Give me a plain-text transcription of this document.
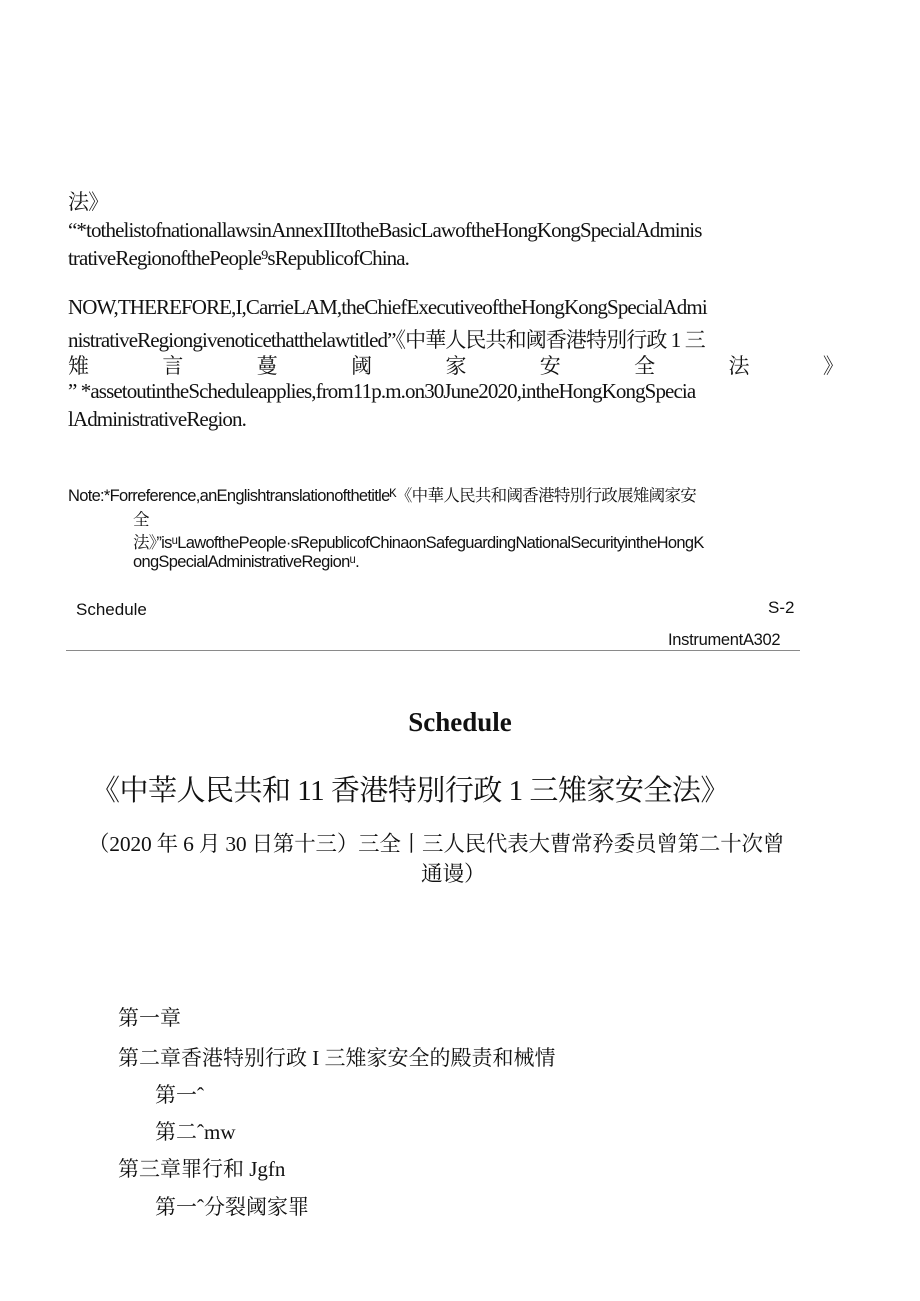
法》
“*tothelistofnationallawsinAnnexIIItotheBasicLawoftheHongKongSpecialAdminis
trativeRegionofthePeople⁹sRepublicofChina.
NOW,THEREFORE,I,CarrieLAM,theChiefExecutiveoftheHongKongSpecialAdmi
nistrativeRegiongivenoticethatthelawtitled”《中華人民共和阈香港特別行政 1 三
雉	言	蔓	阈	家	安	全	法	》
” *assetoutintheScheduleapplies,from11p.m.on30June2020,intheHongKongSpecia
lAdministrativeRegion.
Note:*Forreference,anEnglishtranslationofthetitleᴷ《中華人民共和阈香港特別行政展雉阈家安
全
法》”isᵘLawofthePeople·sRepublicofChinaonSafeguardingNationalSecurityintheHongK
ongSpecialAdministrativeRegionᵘ.
Schedule	S-2
InstrumentA302
Schedule
《中莘人民共和 11 香港特別行政 1 三雉家安全法》
（2020 年 6 月 30 日第十三）三全丨三人民代表大曹常矜委员曾第二十次曾
通谩）
第一章
第二章香港特别行政 I 三雉家安全的殿责和械情
第一ˆ
第二ˆmw
第三章罪行和 Jgfn
第一ˆ分裂阈家罪
